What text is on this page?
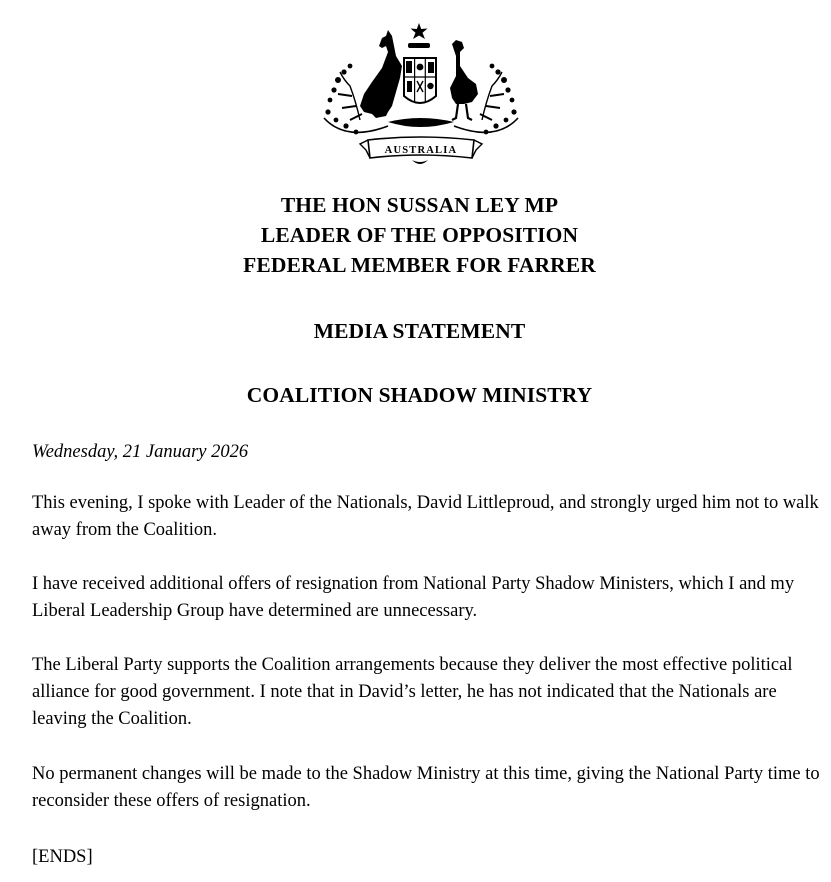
AUSTRALIA
THE HON SUSSAN LEY MP
LEADER OF THE OPPOSITION
FEDERAL MEMBER FOR FARRER
MEDIA STATEMENT
COALITION SHADOW MINISTRY
Wednesday, 21 January 2026

This evening, I spoke with Leader of the Nationals, David Littleproud, and strongly urged him not to walk away from the Coalition.

I have received additional offers of resignation from National Party Shadow Ministers, which I and my Liberal Leadership Group have determined are unnecessary.

The Liberal Party supports the Coalition arrangements because they deliver the most effective political alliance for good government. I note that in David’s letter, he has not indicated that the Nationals are leaving the Coalition.

No permanent changes will be made to the Shadow Ministry at this time, giving the National Party time to reconsider these offers of resignation.

[ENDS]
